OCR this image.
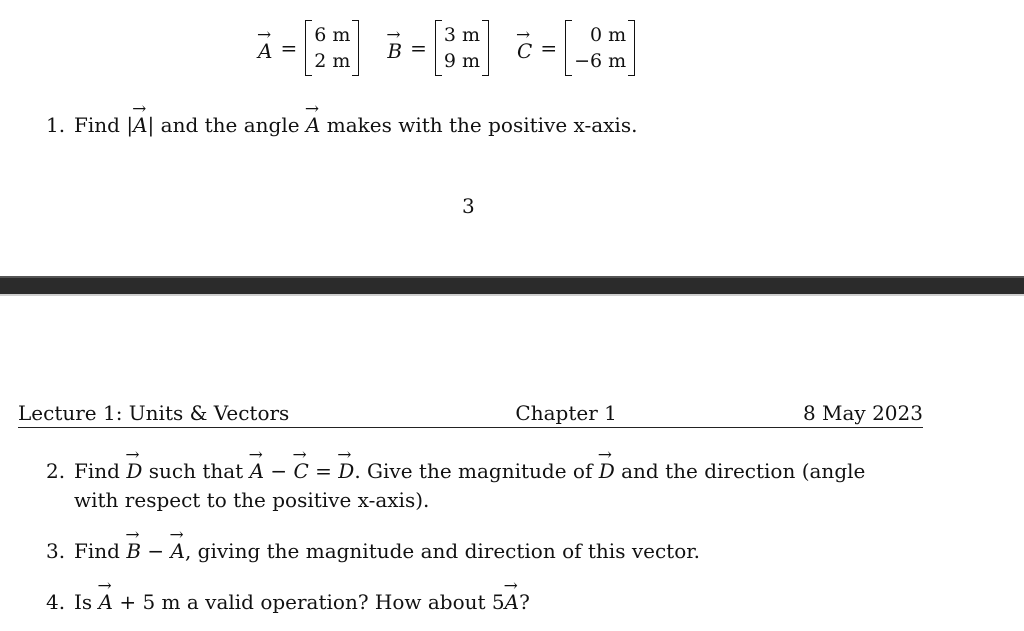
→
A =
6 m
2 m
→
B =
3 m
9 m
→
C =
0 m
−6 m
1. Find |
→
A| and the angle
→
A makes with the positive x-axis.
3
Lecture 1: Units & Vectors	Chapter 1	8 May 2023
2. Find
→
D such that
→
A −
→
C =
→
D. Give the magnitude of
→
D and the direction (angle
with respect to the positive x-axis).
3. Find
→
B −
→
A, giving the magnitude and direction of this vector.
4. Is
→
A + 5 m a valid operation? How about 5
→
A?
